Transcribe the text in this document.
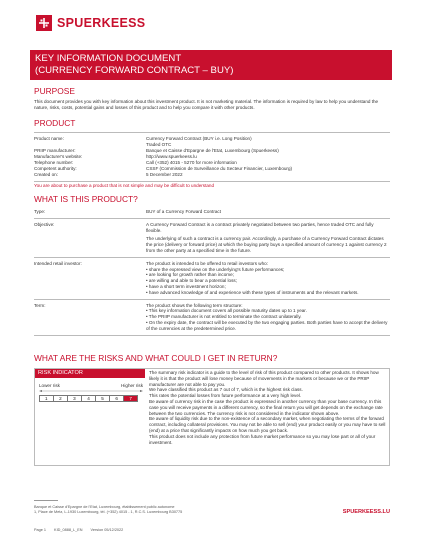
SPUERKEESS
KEY INFORMATION DOCUMENT
(CURRENCY FORWARD CONTRACT – BUY)
PURPOSE
This document provides you with key information about this investment product. It is not marketing material. The information is required by law to help you understand the nature, risks, costs, potential gains and losses of this product and to help you compare it with other products.
PRODUCT
Product name:	Currency Forward Contract (BUY i.e. Long Position)
Traded OTC
PRIIP manufacturer:	Banque et Caisse d'Epargne de l'Etat, Luxembourg (Spuerkeess)
Manufacturer's website:	http://www.spuerkeess.lu
Telephone number:	Call (+352) 4015 - 5270 for more information
Competent authority:	CSSF (Commission de Surveillance du Secteur Financier, Luxembourg)
Created on:	5 December 2022
You are about to purchase a product that is not simple and may be difficult to understand
WHAT IS THIS PRODUCT?
Type:	BUY of a Currency Forward Contract

Objective:	A Currency Forward Contract is a contract privately negotiated between two parties, hence traded OTC and fully flexible.

The underlying of such a contract is a currency pair. Accordingly, a purchase of a Currency Forward Contract dictates the price (delivery or forward price) at which the buying party buys a specified amount of currency 1 against currency 2 from the other party at a specified time in the future.

Intended retail investor:	The product is intended to be offered to retail investors who:
• share the expressed view on the underlying's future performances;
• are looking for growth rather than income;
• are willing and able to bear a potential loss;
• have a short term investment horizon;
• have advanced knowledge of and experience with these types of instruments and the relevant markets.
Term:	The product shows the following term structure:
• This key information document covers all possible maturity dates up to 1 year.
• The PRIIP manufacturer is not entitled to terminate the contract unilaterally.
• On the expiry date, the contract will be executed by the two engaging parties. Both parties have to accept the delivery of the currencies at the predetermined price.
WHAT ARE THE RISKS AND WHAT COULD I GET IN RETURN?
RISK INDICATOR
Lower risk	Higher risk
1	2	3	4	5	6	7

The summary risk indicator is a guide to the level of risk of this product compared to other products. It shows how likely it is that the product will lose money because of movements in the markets or because we or the PRIIP manufacturer are not able to pay you.

We have classified this product as 7 out of 7, which is the highest risk class.

This rates the potential losses from future performance at a very high level.

Be aware of currency risk in the case the product is expressed in another currency than your base currency. In this case you will receive payments in a different currency, so the final return you will get depends on the exchange rate between the two currencies. The currency risk is not considered in the indicator shown above.

Be aware of liquidity risk due to the non-existence of a secondary market, when negotiating the terms of the forward contract, including collateral provisions. You may not be able to sell (end) your product easily or you may have to sell (end) at a price that significantly impacts on how much you get back.

This product does not include any protection from future market performance so you may lose part or all of your investment.

Banque et Caisse d'Epargne de l'Etat, Luxembourg, établissement public autonome
1, Place de Metz, L-1930 Luxembourg, tél. (+352) 4015 - 1, R.C.S. Luxembourg B30775	SPUERKEESS.LU
Page 1 KID_0888_L_EN Version 05/12/2022
